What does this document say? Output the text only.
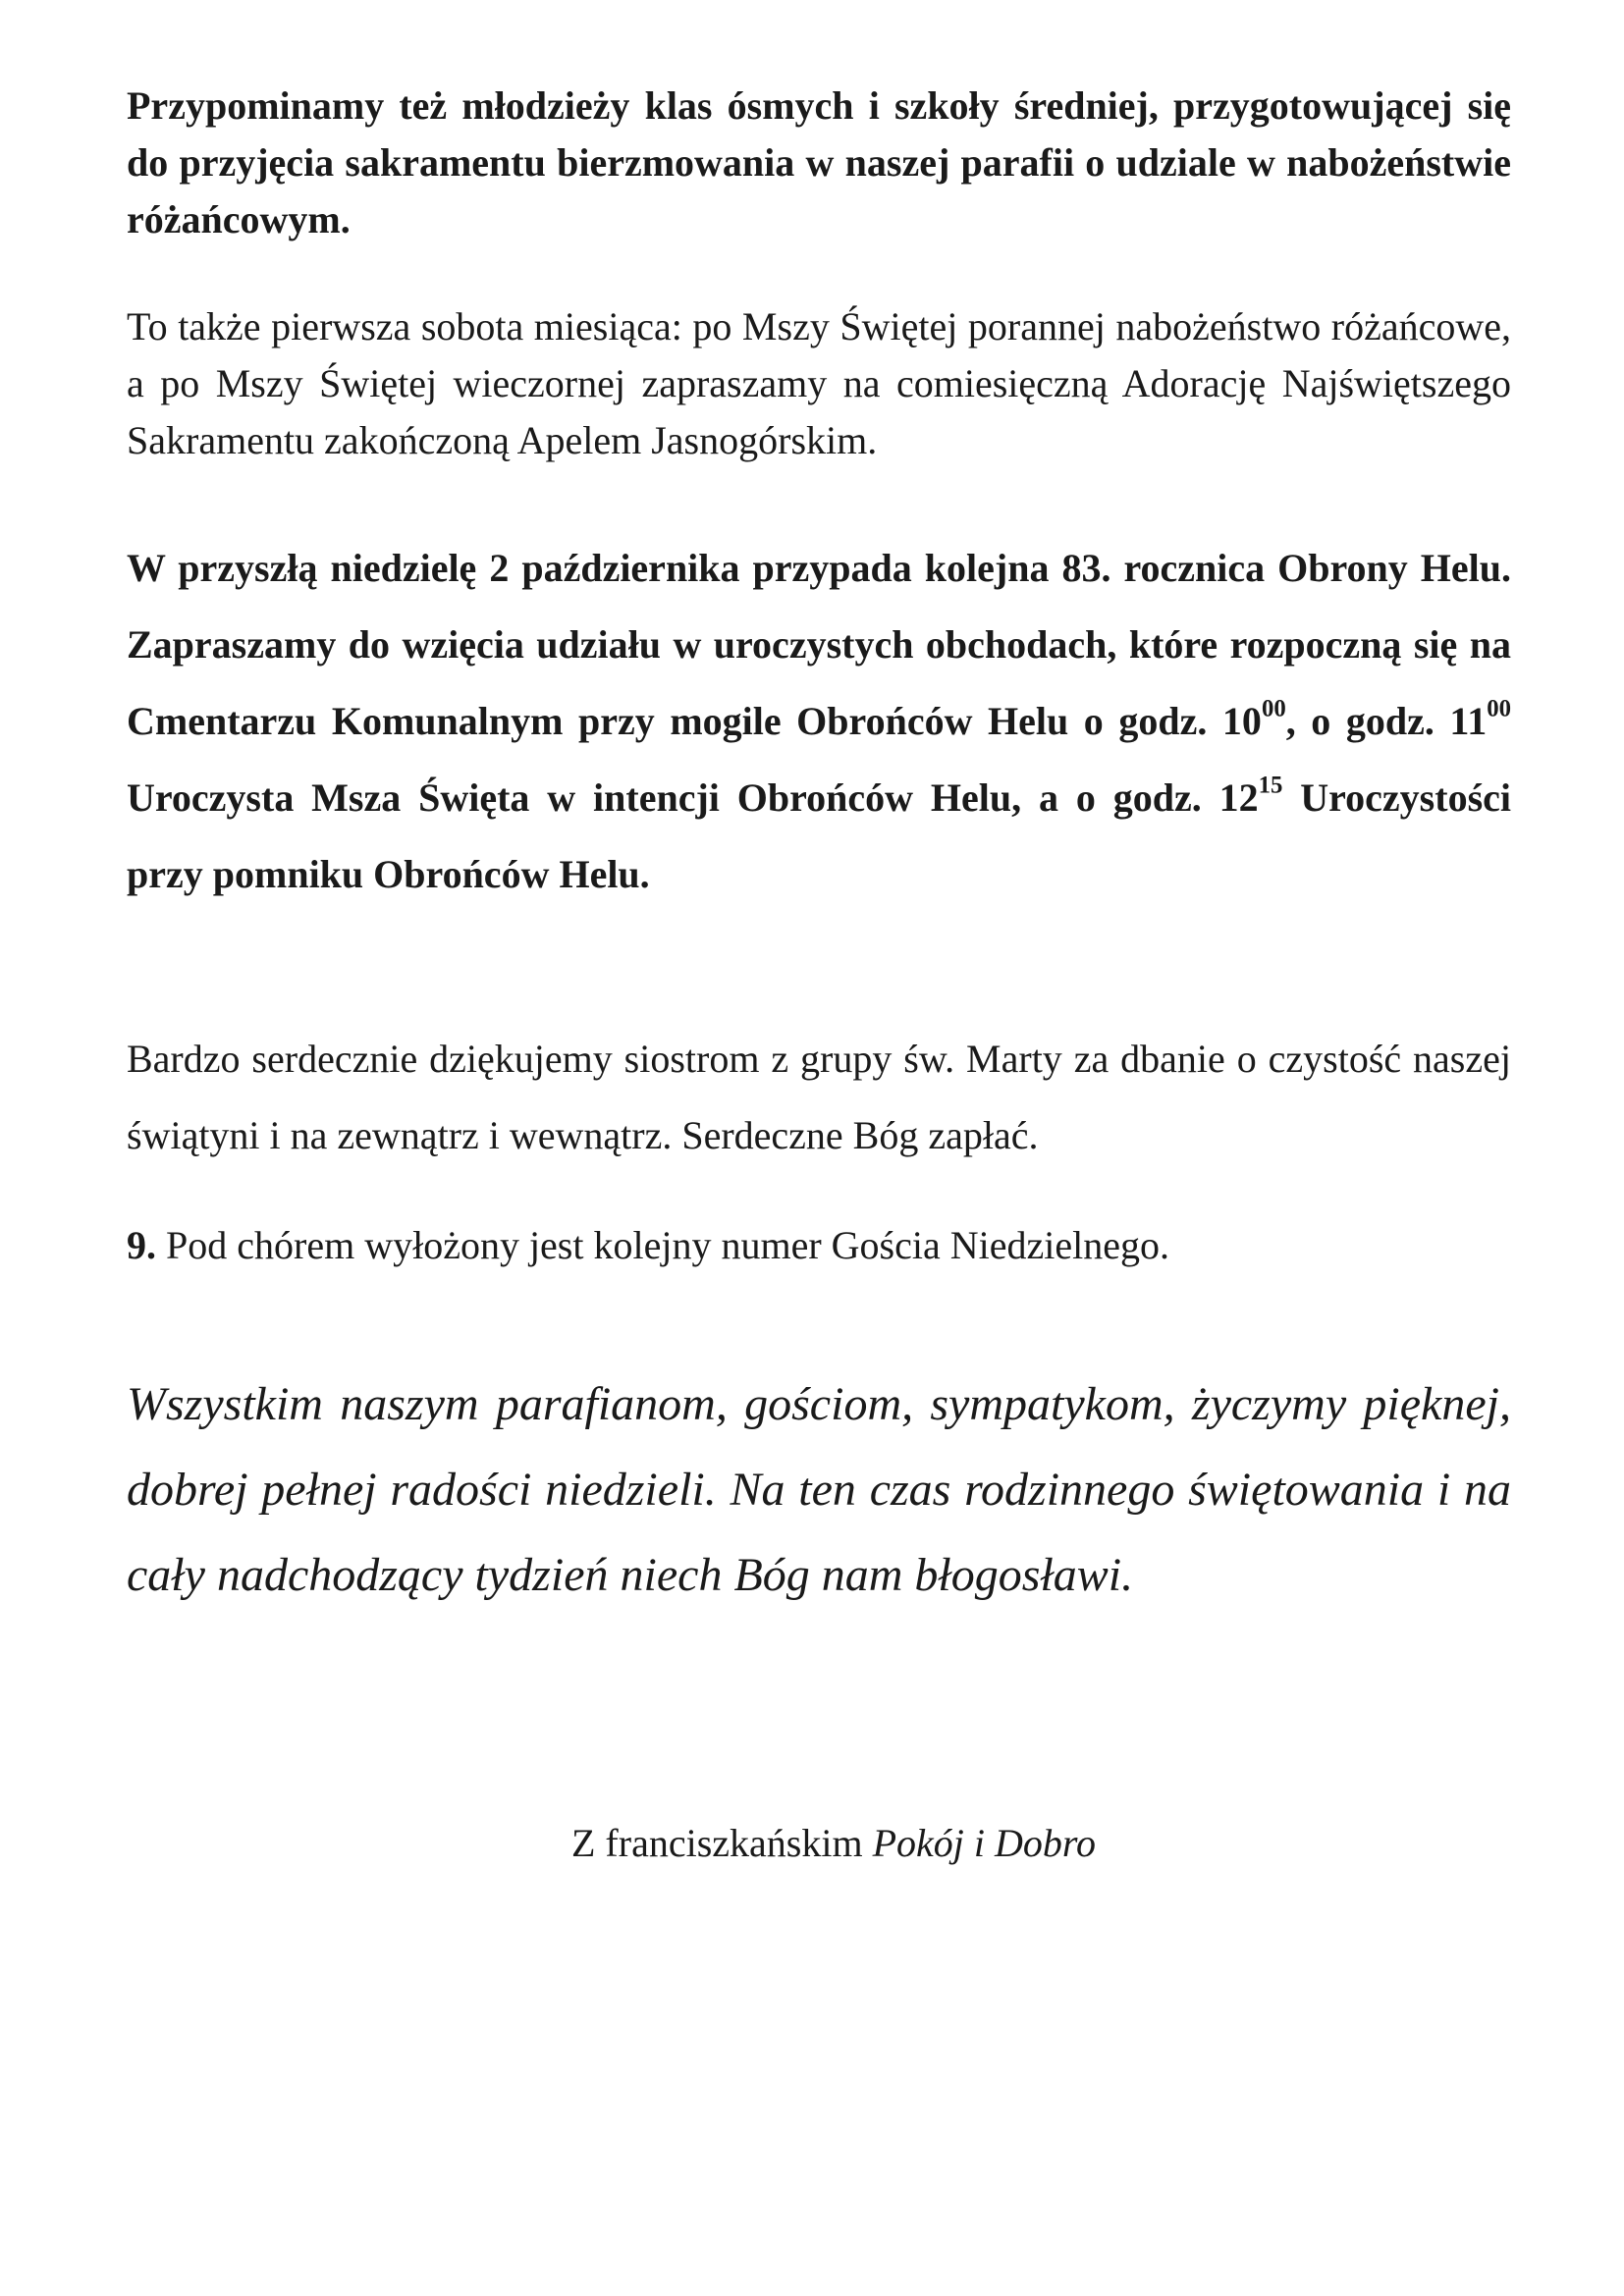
Przypominamy też młodzieży klas ósmych i szkoły średniej, przygotowującej się do przyjęcia sakramentu bierzmowania w naszej parafii o udziale w nabożeństwie różańcowym.

To także pierwsza sobota miesiąca: po Mszy Świętej porannej nabożeństwo różańcowe, a po Mszy Świętej wieczornej zapraszamy na comiesięczną Adorację Najświętszego Sakramentu zakończoną Apelem Jasnogórskim.

W przyszłą niedzielę 2 października przypada kolejna 83. rocznica Obrony Helu. Zapraszamy do wzięcia udziału w uroczystych obchodach, które rozpoczną się na Cmentarzu Komunalnym przy mogile Obrońców Helu o godz. $10^{00}$, o godz. $11^{00}$ Uroczysta Msza Święta w intencji Obrońców Helu, a o godz. $12^{15}$ Uroczystości przy pomniku Obrońców Helu.

Bardzo serdecznie dziękujemy siostrom z grupy św. Marty za dbanie o czystość naszej świątyni i na zewnątrz i wewnątrz. Serdeczne Bóg zapłać.

9. Pod chórem wyłożony jest kolejny numer Gościa Niedzielnego.

Wszystkim naszym parafianom, gościom, sympatykom, życzymy pięknej, dobrej pełnej radości niedzieli. Na ten czas rodzinnego świętowania i na cały nadchodzący tydzień niech Bóg nam błogosławi.

Z franciszkańskim Pokój i Dobro
